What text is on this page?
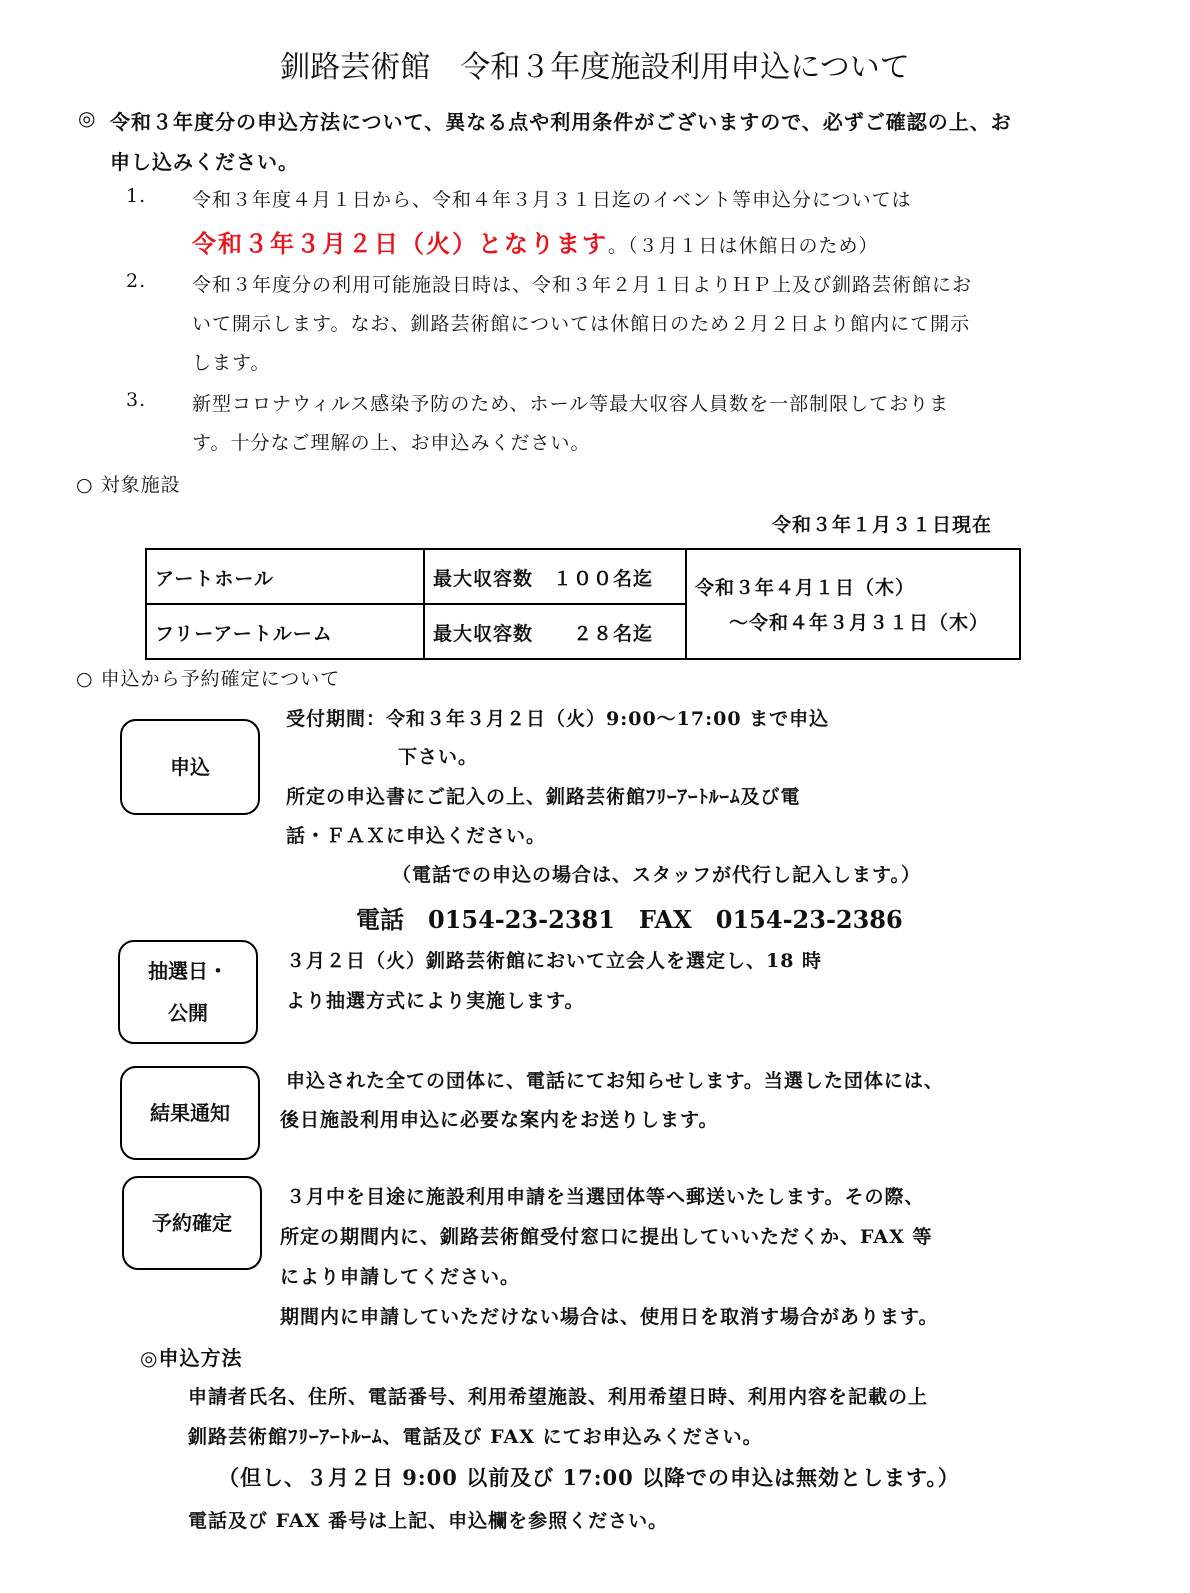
釧路芸術館　令和３年度施設利用申込について
◎ 令和３年度分の申込方法について、異なる点や利用条件がございますので、必ずご確認の上、お
申し込みください。
1. 令和３年度４月１日から、令和４年３月３１日迄のイベント等申込分については
令和３年３月２日（火）となります。（３月１日は休館日のため）
2. 令和３年度分の利用可能施設日時は、令和３年２月１日よりＨＰ上及び釧路芸術館にお
いて開示します。なお、釧路芸術館については休館日のため２月２日より館内にて開示
します。
3. 新型コロナウィルス感染予防のため、ホール等最大収容人員数を一部制限しておりま
す。十分なご理解の上、お申込みください。
○ 対象施設
令和３年１月３１日現在
アートホール	最大収容数　１００名迄	令和３年４月１日（木）
～令和４年３月３１日（木）

フリーアートルーム	最大収容数　　２８名迄	
○ 申込から予約確定について
申込
受付期間：令和３年３月２日（火）9:00～17:00 まで申込
下さい。
所定の申込書にご記入の上、釧路芸術館ﾌﾘｰｱｰﾄﾙｰﾑ及び電
話・ＦＡＸに申込ください。
（電話での申込の場合は、スタッフが代行し記入します。）
電話　0154-23-2381　FAX　0154-23-2386
抽選日・
公開
３月２日（火）釧路芸術館において立会人を選定し、18 時
より抽選方式により実施します。
結果通知
申込された全ての団体に、電話にてお知らせします。当選した団体には、
後日施設利用申込に必要な案内をお送りします。
予約確定
３月中を目途に施設利用申請を当選団体等へ郵送いたします。その際、
所定の期間内に、釧路芸術館受付窓口に提出していいただくか、FAX 等
により申請してください。
期間内に申請していただけない場合は、使用日を取消す場合があります。
◎申込方法
申請者氏名、住所、電話番号、利用希望施設、利用希望日時、利用内容を記載の上
釧路芸術館ﾌﾘｰｱｰﾄﾙｰﾑ、電話及び FAX にてお申込みください。
（但し、３月２日 9:00 以前及び 17:00 以降での申込は無効とします。）
電話及び FAX 番号は上記、申込欄を参照ください。
